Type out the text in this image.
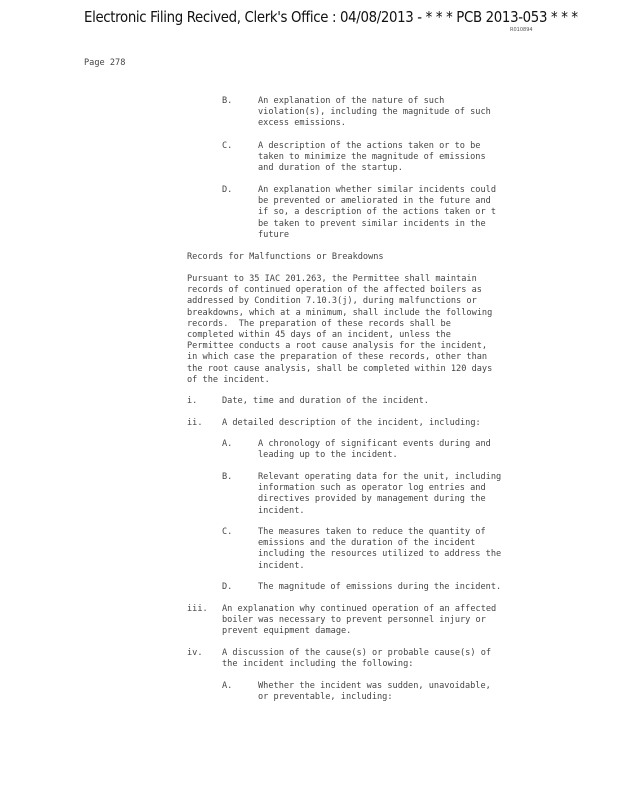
Electronic Filing Recived, Clerk's Office : 04/08/2013 - * * * PCB 2013-053 * * *
R010894
Page 278
B.	An explanation of the nature of such
violation(s), including the magnitude of such
excess emissions.
C.	A description of the actions taken or to be
taken to minimize the magnitude of emissions
and duration of the startup.
D.	An explanation whether similar incidents could
be prevented or ameliorated in the future and
if so, a description of the actions taken or t
be taken to prevent similar incidents in the
future
Records for Malfunctions or Breakdowns
Pursuant to 35 IAC 201.263, the Permittee shall maintain
records of continued operation of the affected boilers as
addressed by Condition 7.10.3(j), during malfunctions or
breakdowns, which at a minimum, shall include the following
records.  The preparation of these records shall be
completed within 45 days of an incident, unless the
Permittee conducts a root cause analysis for the incident,
in which case the preparation of these records, other than
the root cause analysis, shall be completed within 120 days
of the incident.
i.	Date, time and duration of the incident.
ii. A detailed description of the incident, including:
A.	A chronology of significant events during and
leading up to the incident.
B.	Relevant operating data for the unit, including
information such as operator log entries and
directives provided by management during the
incident.
C.	The measures taken to reduce the quantity of
emissions and the duration of the incident
including the resources utilized to address the
incident.
D.	The magnitude of emissions during the incident.
iii. An explanation why continued operation of an affected
boiler was necessary to prevent personnel injury or
prevent equipment damage.
iv. A discussion of the cause(s) or probable cause(s) of
the incident including the following:
A.	Whether the incident was sudden, unavoidable,
or preventable, including:
